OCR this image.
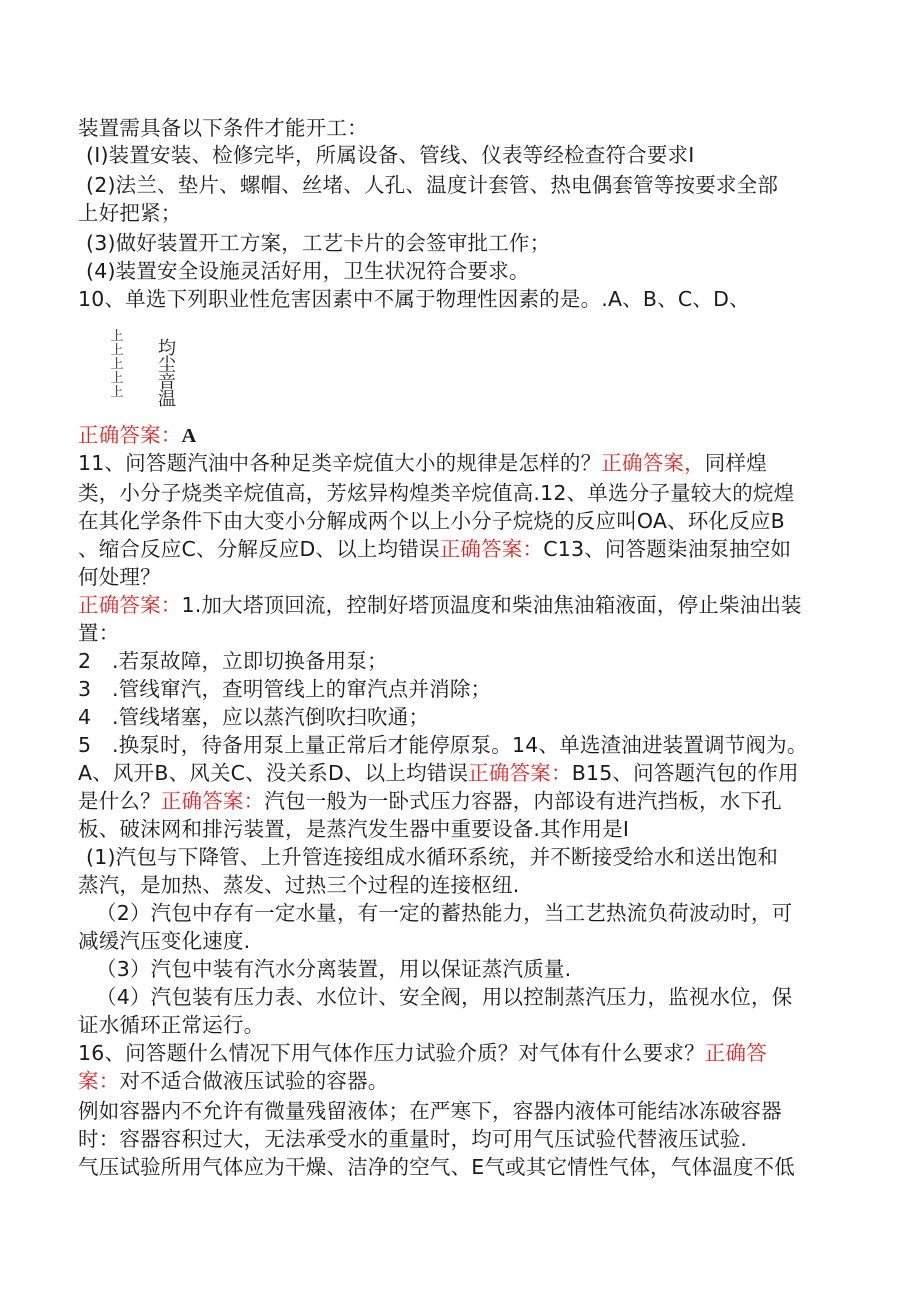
装置需具备以下条件才能开工：
(I)装置安装、检修完毕，所属设备、管线、仪表等经检查符合要求I
(2)法兰、垫片、螺帽、丝堵、人孔、温度计套管、热电偶套管等按要求全部
上好把紧；
(3)做好装置开工方案，工艺卡片的会签审批工作；
(4)装置安全设施灵活好用，卫生状况符合要求。
10、单选下列职业性危害因素中不属于物理性因素的是。.A、B、C、D、
上上上上上
均尘音温
正确答案：A
11、问答题汽油中各种足类辛烷值大小的规律是怎样的？正确答案，同样煌
类，小分子烧类辛烷值高，芳炫异构煌类辛烷值高.12、单选分子量较大的烷煌
在其化学条件下由大变小分解成两个以上小分子烷烧的反应叫OA、环化反应B
、缩合反应C、分解反应D、以上均错误正确答案：C13、问答题柒油泵抽空如
何处理？
正确答案：1.加大塔顶回流，控制好塔顶温度和柴油焦油箱液面，停止柴油出装
置：
2　.若泵故障，立即切换备用泵；
3　.管线窜汽，查明管线上的窜汽点并消除；
4　.管线堵塞，应以蒸汽倒吹扫吹通；
5　.换泵时，待备用泵上量正常后才能停原泵。14、单选渣油进装置调节阀为。
A、风开B、风关C、没关系D、以上均错误正确答案：B15、问答题汽包的作用
是什么？正确答案：汽包一般为一卧式压力容器，内部设有进汽挡板，水下孔
板、破沫网和排污装置，是蒸汽发生器中重要设备.其作用是I
(1)汽包与下降管、上升管连接组成水循环系统，并不断接受给水和送出饱和
蒸汽，是加热、蒸发、过热三个过程的连接枢纽.
（2）汽包中存有一定水量，有一定的蓄热能力，当工艺热流负荷波动时，可
减缓汽压变化速度.
（3）汽包中装有汽水分离装置，用以保证蒸汽质量.
（4）汽包装有压力表、水位计、安全阀，用以控制蒸汽压力，监视水位，保
证水循环正常运行。
16、问答题什么情况下用气体作压力试验介质？对气体有什么要求？正确答
案：对不适合做液压试验的容器。
例如容器内不允许有微量残留液体；在严寒下，容器内液体可能结冰冻破容器
时：容器容积过大，无法承受水的重量时，均可用气压试验代替液压试验.
气压试验所用气体应为干燥、洁净的空气、E气或其它情性气体，气体温度不低
